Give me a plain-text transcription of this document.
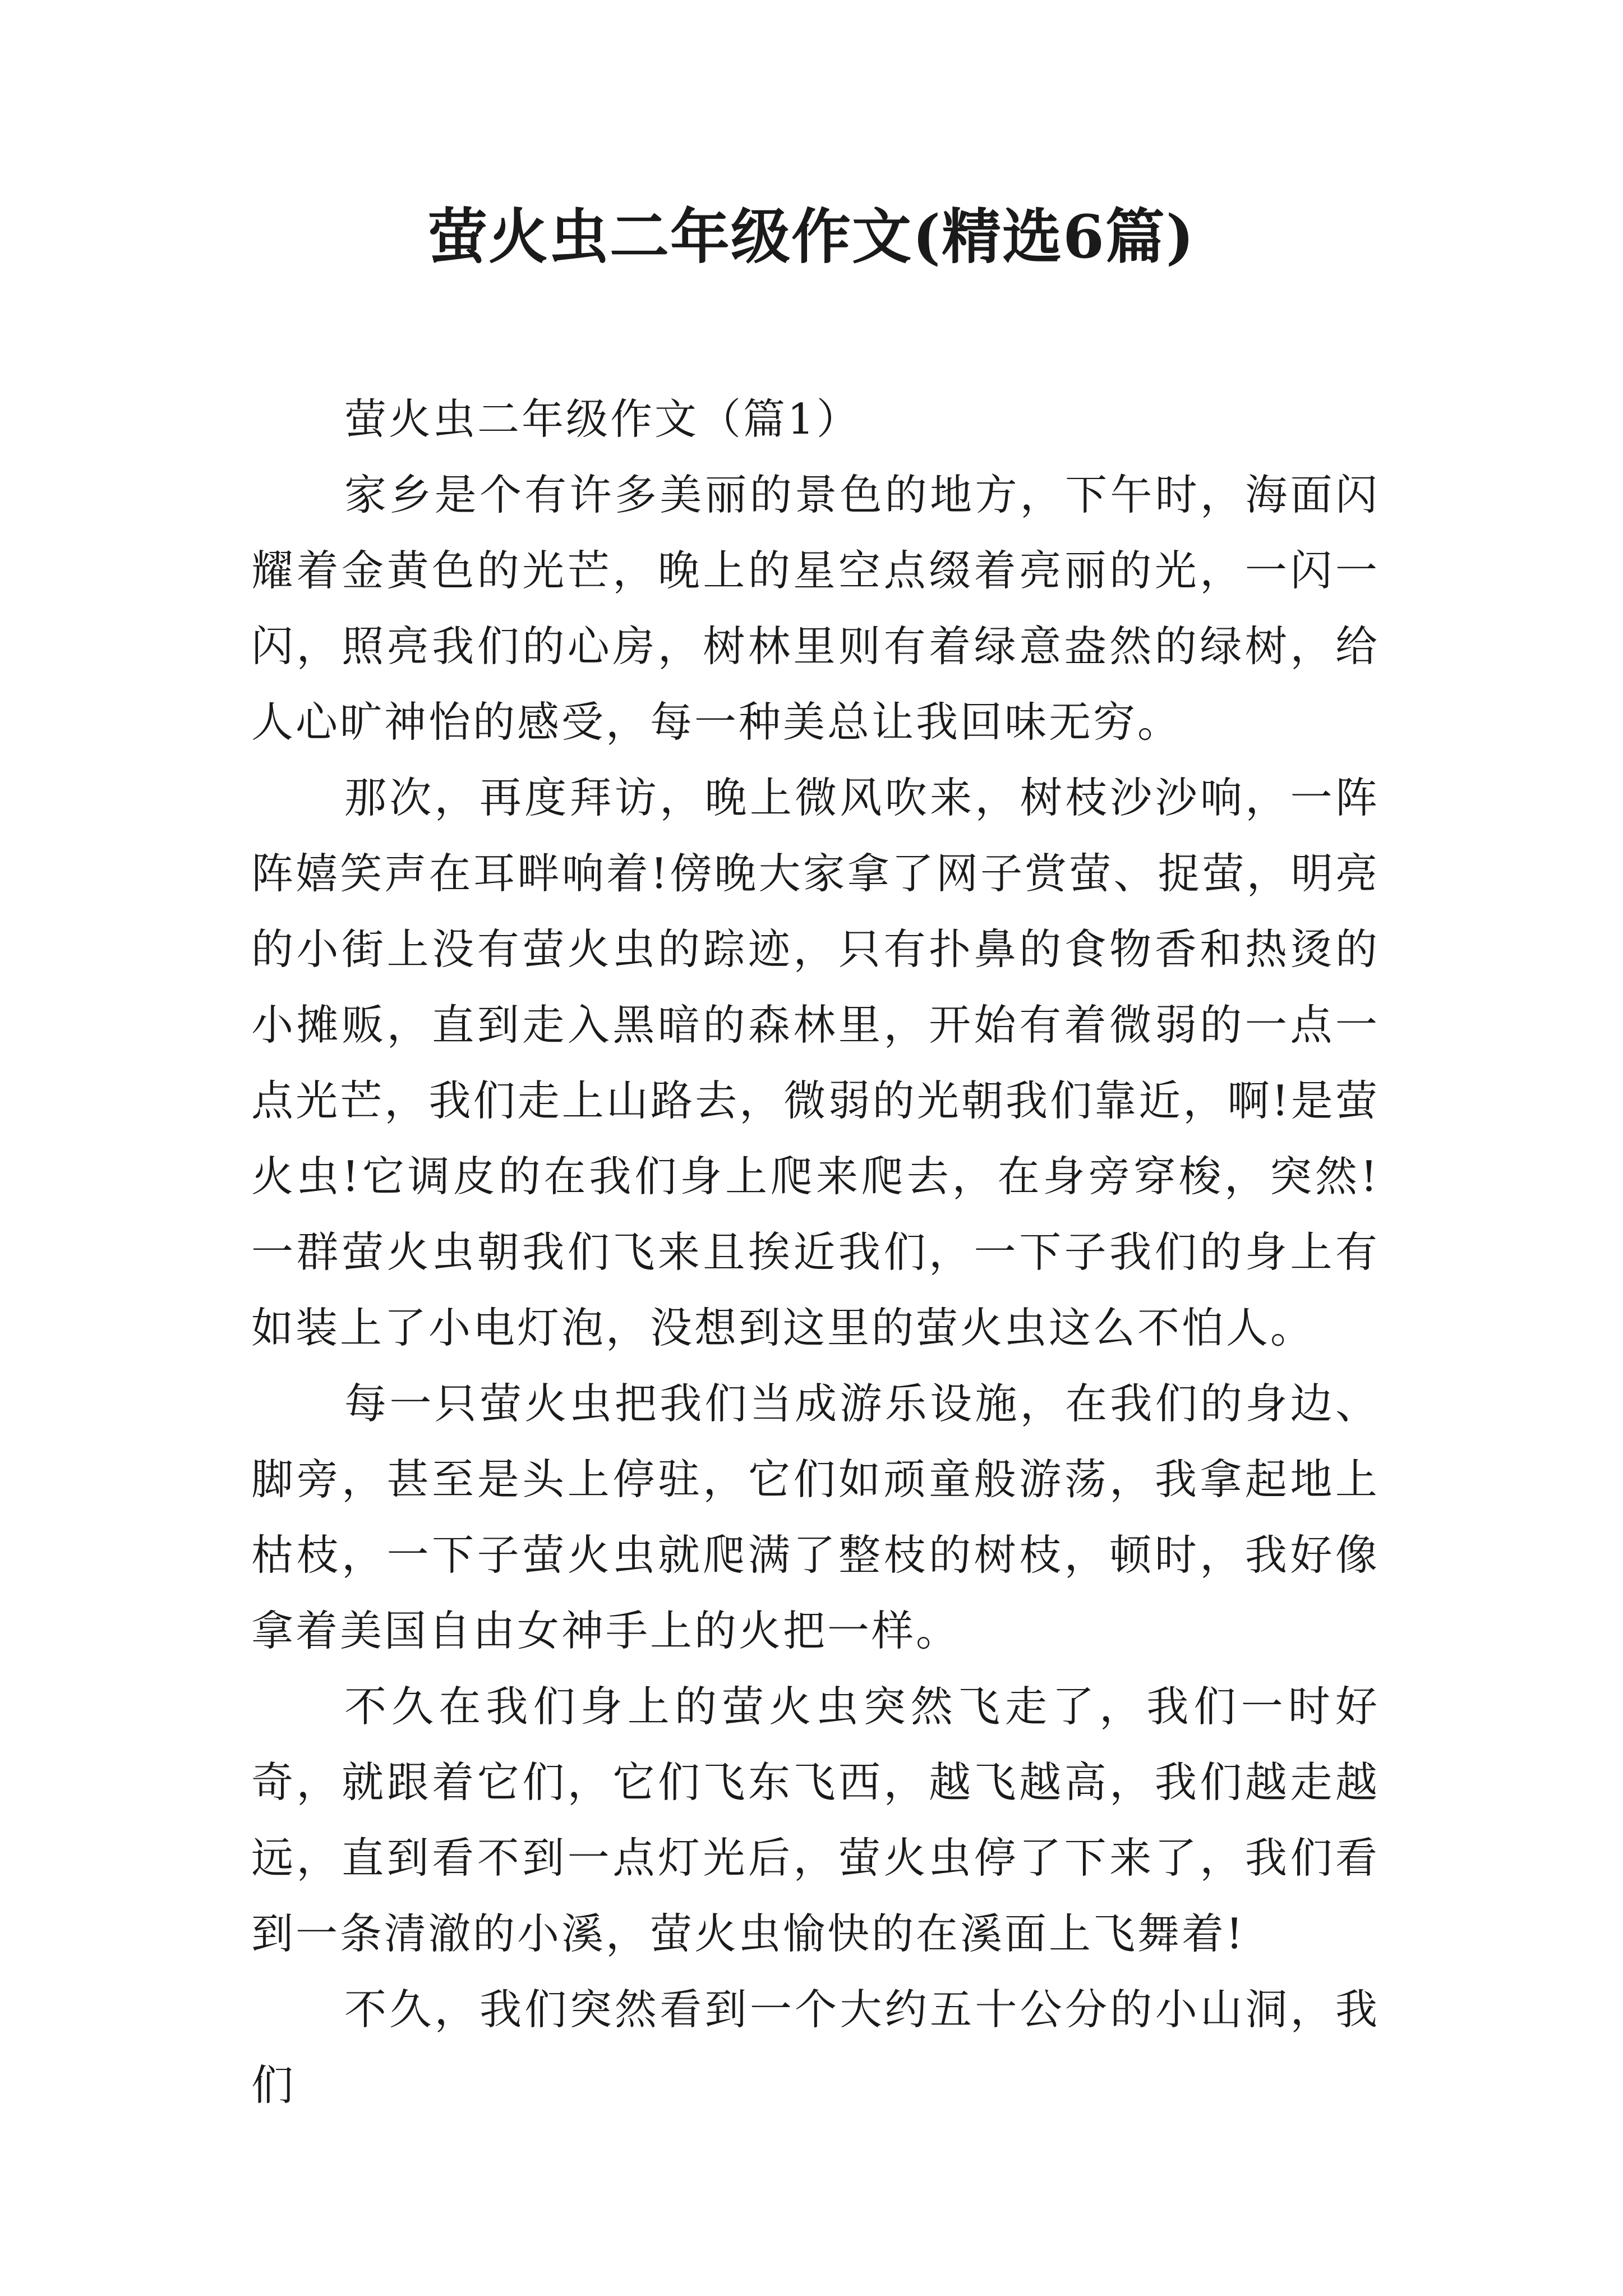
萤火虫二年级作文(精选6篇)

萤火虫二年级作文（篇1）

家乡是个有许多美丽的景色的地方，下午时，海面闪耀着金黄色的光芒，晚上的星空点缀着亮丽的光，一闪一闪，照亮我们的心房，树林里则有着绿意盎然的绿树，给人心旷神怡的感受，每一种美总让我回味无穷。

那次，再度拜访，晚上微风吹来，树枝沙沙响，一阵阵嬉笑声在耳畔响着!傍晚大家拿了网子赏萤、捉萤，明亮的小街上没有萤火虫的踪迹，只有扑鼻的食物香和热烫的小摊贩，直到走入黑暗的森林里，开始有着微弱的一点一点光芒，我们走上山路去，微弱的光朝我们靠近，啊!是萤火虫!它调皮的在我们身上爬来爬去，在身旁穿梭，突然!一群萤火虫朝我们飞来且挨近我们，一下子我们的身上有如装上了小电灯泡，没想到这里的萤火虫这么不怕人。

每一只萤火虫把我们当成游乐设施，在我们的身边、脚旁，甚至是头上停驻，它们如顽童般游荡，我拿起地上枯枝，一下子萤火虫就爬满了整枝的树枝，顿时，我好像拿着美国自由女神手上的火把一样。

不久在我们身上的萤火虫突然飞走了，我们一时好奇，就跟着它们，它们飞东飞西，越飞越高，我们越走越远，直到看不到一点灯光后，萤火虫停了下来了，我们看到一条清澈的小溪，萤火虫愉快的在溪面上飞舞着!

不久，我们突然看到一个大约五十公分的小山洞，我们
